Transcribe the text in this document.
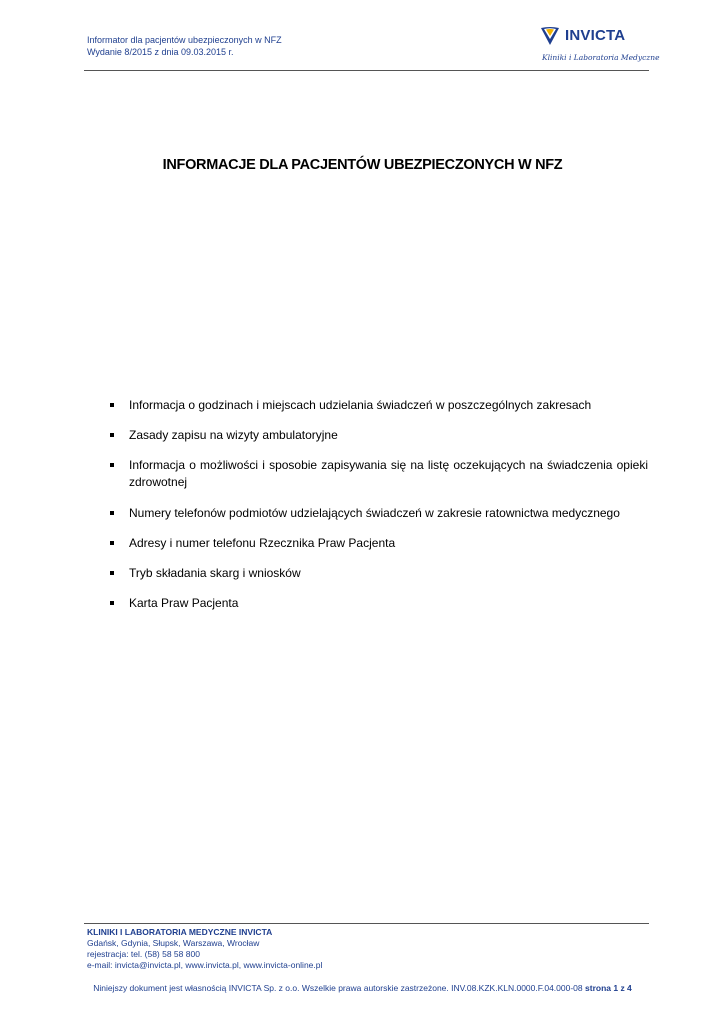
Informator dla pacjentów ubezpieczonych w NFZ
Wydanie 8/2015 z dnia 09.03.2015 r.
INVICTA
Kliniki i Laboratoria Medyczne
INFORMACJE DLA PACJENTÓW UBEZPIECZONYCH W NFZ
Informacja o godzinach i miejscach udzielania świadczeń w poszczególnych zakresach
Zasady zapisu na wizyty ambulatoryjne
Informacja o możliwości i sposobie zapisywania się na listę oczekujących na świadczenia opieki zdrowotnej
Numery telefonów podmiotów udzielających świadczeń w zakresie ratownictwa medycznego
Adresy i numer telefonu Rzecznika Praw Pacjenta
Tryb składania skarg i wniosków
Karta Praw Pacjenta
KLINIKI I LABORATORIA MEDYCZNE INVICTA
Gdańsk, Gdynia, Słupsk, Warszawa, Wrocław
rejestracja: tel. (58) 58 58 800
e-mail: invicta@invicta.pl, www.invicta.pl, www.invicta-online.pl
Niniejszy dokument jest własnością INVICTA Sp. z o.o. Wszelkie prawa autorskie zastrzeżone. INV.08.KZK.KLN.0000.F.04.000-08 strona 1 z 4
